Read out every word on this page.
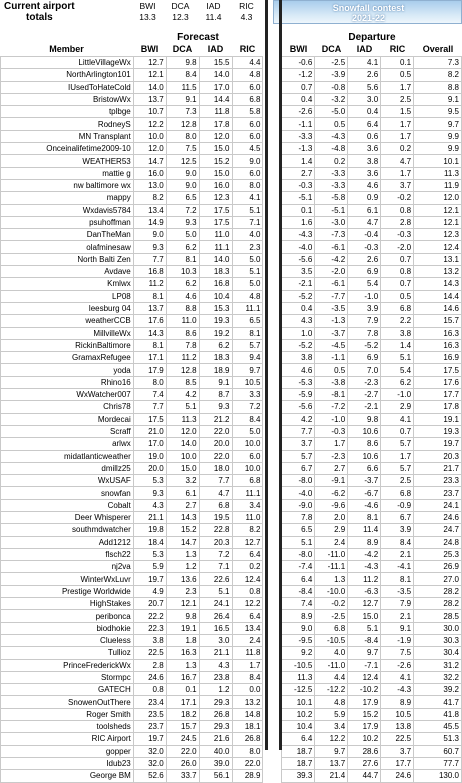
Current airport
totals
BWI	DCA	IAD	RIC
13.3	12.3	11.4	4.3
Snowfall contest
2021-22
Forecast	Departure
Member	BWI	DCA	IAD	RIC	BWI	DCA	IAD	RIC	Overall
LittleVillageWx	12.7	9.8	15.5	4.4		-0.6	-2.5	4.1	0.1	7.3
NorthArlington101	12.1	8.4	14.0	4.8		-1.2	-3.9	2.6	0.5	8.2
IUsedToHateCold	14.0	11.5	17.0	6.0		0.7	-0.8	5.6	1.7	8.8
BristowWx	13.7	9.1	14.4	6.8		0.4	-3.2	3.0	2.5	9.1
tplbge	10.7	7.3	11.8	5.8		-2.6	-5.0	0.4	1.5	9.5
RodneyS	12.2	12.8	17.8	6.0		-1.1	0.5	6.4	1.7	9.7
MN Transplant	10.0	8.0	12.0	6.0		-3.3	-4.3	0.6	1.7	9.9
Onceinalifetime2009-10	12.0	7.5	15.0	4.5		-1.3	-4.8	3.6	0.2	9.9
WEATHER53	14.7	12.5	15.2	9.0		1.4	0.2	3.8	4.7	10.1
mattie g	16.0	9.0	15.0	6.0		2.7	-3.3	3.6	1.7	11.3
nw baltimore wx	13.0	9.0	16.0	8.0		-0.3	-3.3	4.6	3.7	11.9
mappy	8.2	6.5	12.3	4.1		-5.1	-5.8	0.9	-0.2	12.0
Wxdavis5784	13.4	7.2	17.5	5.1		0.1	-5.1	6.1	0.8	12.1
psuhoffman	14.9	9.3	17.5	7.1		1.6	-3.0	4.7	2.8	12.1
DanTheMan	9.0	5.0	11.0	4.0		-4.3	-7.3	-0.4	-0.3	12.3
olafminesaw	9.3	6.2	11.1	2.3		-4.0	-6.1	-0.3	-2.0	12.4
North Balti Zen	7.7	8.1	14.0	5.0		-5.6	-4.2	2.6	0.7	13.1
Avdave	16.8	10.3	18.3	5.1		3.5	-2.0	6.9	0.8	13.2
Kmlwx	11.2	6.2	16.8	5.0		-2.1	-6.1	5.4	0.7	14.3
LP08	8.1	4.6	10.4	4.8		-5.2	-7.7	-1.0	0.5	14.4
leesburg 04	13.7	8.8	15.3	11.1		0.4	-3.5	3.9	6.8	14.6
weatherCCB	17.6	11.0	19.3	6.5		4.3	-1.3	7.9	2.2	15.7
MillvilleWx	14.3	8.6	19.2	8.1		1.0	-3.7	7.8	3.8	16.3
RickinBaltimore	8.1	7.8	6.2	5.7		-5.2	-4.5	-5.2	1.4	16.3
GramaxRefugee	17.1	11.2	18.3	9.4		3.8	-1.1	6.9	5.1	16.9
yoda	17.9	12.8	18.9	9.7		4.6	0.5	7.0	5.4	17.5
Rhino16	8.0	8.5	9.1	10.5		-5.3	-3.8	-2.3	6.2	17.6
WxWatcher007	7.4	4.2	8.7	3.3		-5.9	-8.1	-2.7	-1.0	17.7
Chris78	7.7	5.1	9.3	7.2		-5.6	-7.2	-2.1	2.9	17.8
Mordecai	17.5	11.3	21.2	8.4		4.2	-1.0	9.8	4.1	19.1
Scraff	21.0	12.0	22.0	5.0		7.7	-0.3	10.6	0.7	19.3
arlwx	17.0	14.0	20.0	10.0		3.7	1.7	8.6	5.7	19.7
midatlanticweather	19.0	10.0	22.0	6.0		5.7	-2.3	10.6	1.7	20.3
dmillz25	20.0	15.0	18.0	10.0		6.7	2.7	6.6	5.7	21.7
WxUSAF	5.3	3.2	7.7	6.8		-8.0	-9.1	-3.7	2.5	23.3
snowfan	9.3	6.1	4.7	11.1		-4.0	-6.2	-6.7	6.8	23.7
Cobalt	4.3	2.7	6.8	3.4		-9.0	-9.6	-4.6	-0.9	24.1
Deer Whisperer	21.1	14.3	19.5	11.0		7.8	2.0	8.1	6.7	24.6
southmdwatcher	19.8	15.2	22.8	8.2		6.5	2.9	11.4	3.9	24.7
Add1212	18.4	14.7	20.3	12.7		5.1	2.4	8.9	8.4	24.8
flsch22	5.3	1.3	7.2	6.4		-8.0	-11.0	-4.2	2.1	25.3
nj2va	5.9	1.2	7.1	0.2		-7.4	-11.1	-4.3	-4.1	26.9
WinterWxLuvr	19.7	13.6	22.6	12.4		6.4	1.3	11.2	8.1	27.0
Prestige Worldwide	4.9	2.3	5.1	0.8		-8.4	-10.0	-6.3	-3.5	28.2
HighStakes	20.7	12.1	24.1	12.2		7.4	-0.2	12.7	7.9	28.2
peribonca	22.2	9.8	26.4	6.4		8.9	-2.5	15.0	2.1	28.5
biodhokie	22.3	19.1	16.5	13.4		9.0	6.8	5.1	9.1	30.0
Clueless	3.8	1.8	3.0	2.4		-9.5	-10.5	-8.4	-1.9	30.3
Tullioz	22.5	16.3	21.1	11.8		9.2	4.0	9.7	7.5	30.4
PrinceFrederickWx	2.8	1.3	4.3	1.7		-10.5	-11.0	-7.1	-2.6	31.2
Stormpc	24.6	16.7	23.8	8.4		11.3	4.4	12.4	4.1	32.2
GATECH	0.8	0.1	1.2	0.0		-12.5	-12.2	-10.2	-4.3	39.2
SnowenOutThere	23.4	17.1	29.3	13.2		10.1	4.8	17.9	8.9	41.7
Roger Smith	23.5	18.2	26.8	14.8		10.2	5.9	15.2	10.5	41.8
toolsheds	23.7	15.7	29.3	18.1		10.4	3.4	17.9	13.8	45.5
RIC Airport	19.7	24.5	21.6	26.8		6.4	12.2	10.2	22.5	51.3
gopper	32.0	22.0	40.0	8.0		18.7	9.7	28.6	3.7	60.7
Idub23	32.0	26.0	39.0	22.0		18.7	13.7	27.6	17.7	77.7
George BM	52.6	33.7	56.1	28.9		39.3	21.4	44.7	24.6	130.0
